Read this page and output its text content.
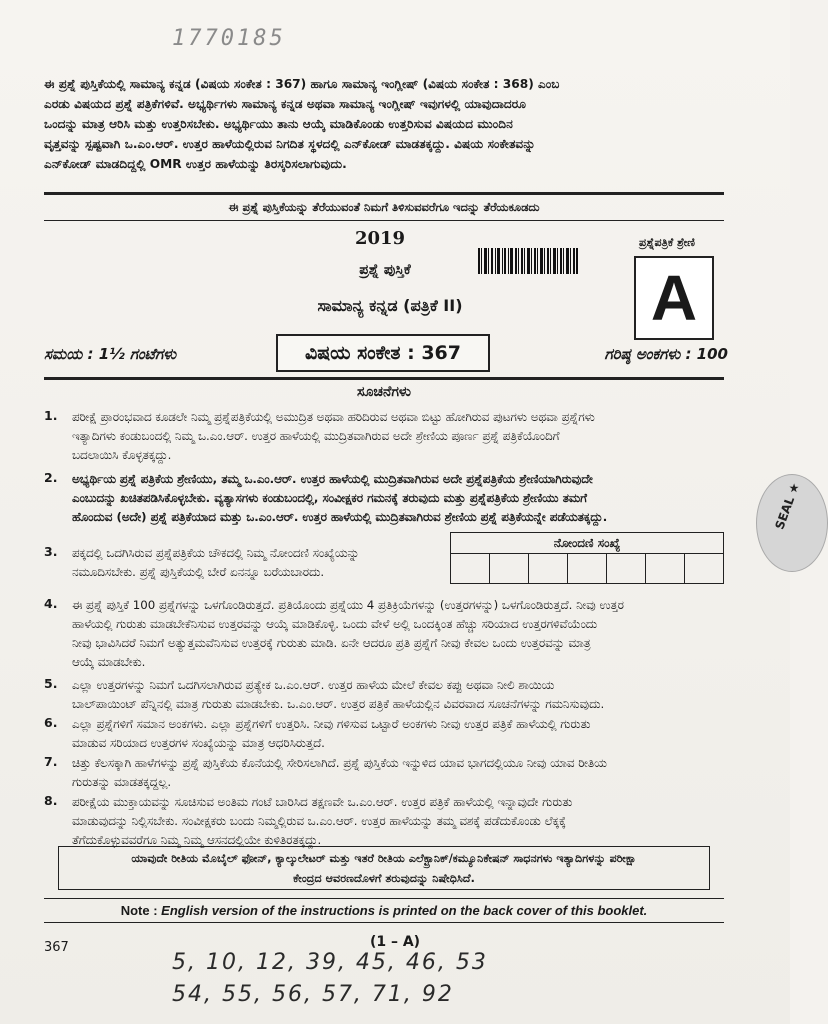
1770185
ಈ ಪ್ರಶ್ನೆ ಪುಸ್ತಿಕೆಯಲ್ಲಿ ಸಾಮಾನ್ಯ ಕನ್ನಡ (ವಿಷಯ ಸಂಕೇತ : 367) ಹಾಗೂ ಸಾಮಾನ್ಯ ಇಂಗ್ಲೀಷ್ (ವಿಷಯ ಸಂಕೇತ : 368) ಎಂಬ
ಎರಡು ವಿಷಯದ ಪ್ರಶ್ನೆ ಪತ್ರಿಕೆಗಳಿವೆ. ಅಭ್ಯರ್ಥಿಗಳು ಸಾಮಾನ್ಯ ಕನ್ನಡ ಅಥವಾ ಸಾಮಾನ್ಯ ಇಂಗ್ಲೀಷ್ ಇವುಗಳಲ್ಲಿ ಯಾವುದಾದರೂ
ಒಂದನ್ನು ಮಾತ್ರ ಆರಿಸಿ ಮತ್ತು ಉತ್ತರಿಸಬೇಕು. ಅಭ್ಯರ್ಥಿಯು ತಾನು ಆಯ್ಕೆ ಮಾಡಿಕೊಂಡು ಉತ್ತರಿಸುವ ವಿಷಯದ ಮುಂದಿನ
ವೃತ್ತವನ್ನು ಸ್ಪಷ್ಟವಾಗಿ ಒ.ಎಂ.ಆರ್. ಉತ್ತರ ಹಾಳೆಯಲ್ಲಿರುವ ನಿಗದಿತ ಸ್ಥಳದಲ್ಲಿ ಎನ್‌ಕೋಡ್ ಮಾಡತಕ್ಕದ್ದು. ವಿಷಯ ಸಂಕೇತವನ್ನು
ಎನ್‌ಕೋಡ್ ಮಾಡದಿದ್ದಲ್ಲಿ OMR ಉತ್ತರ ಹಾಳೆಯನ್ನು ತಿರಸ್ಕರಿಸಲಾಗುವುದು.
ಈ ಪ್ರಶ್ನೆ ಪುಸ್ತಿಕೆಯನ್ನು ತೆರೆಯುವಂತೆ ನಿಮಗೆ ತಿಳಿಸುವವರೆಗೂ ಇದನ್ನು ತೆರೆಯಕೂಡದು
2019
ಪ್ರಶ್ನೆ ಪುಸ್ತಿಕೆ
ಪ್ರಶ್ನೆಪತ್ರಿಕೆ ಶ್ರೇಣಿ
A
ಸಾಮಾನ್ಯ ಕನ್ನಡ (ಪತ್ರಿಕೆ II)
ಸಮಯ : 1½ ಗಂಟೆಗಳು	ವಿಷಯ ಸಂಕೇತ : 367	ಗರಿಷ್ಠ ಅಂಕಗಳು : 100
ಸೂಚನೆಗಳು
1. ಪರೀಕ್ಷೆ ಪ್ರಾರಂಭವಾದ ಕೂಡಲೇ ನಿಮ್ಮ ಪ್ರಶ್ನೆಪತ್ರಿಕೆಯಲ್ಲಿ ಅಮುದ್ರಿತ ಅಥವಾ ಹರಿದಿರುವ ಅಥವಾ ಬಿಟ್ಟು ಹೋಗಿರುವ ಪುಟಗಳು ಅಥವಾ ಪ್ರಶ್ನೆಗಳು
ಇತ್ಯಾದಿಗಳು ಕಂಡುಬಂದಲ್ಲಿ ನಿಮ್ಮ ಒ.ಎಂ.ಆರ್. ಉತ್ತರ ಹಾಳೆಯಲ್ಲಿ ಮುದ್ರಿತವಾಗಿರುವ ಅದೇ ಶ್ರೇಣಿಯ ಪೂರ್ಣ ಪ್ರಶ್ನೆ ಪತ್ರಿಕೆಯೊಂದಿಗೆ
ಬದಲಾಯಿಸಿ ಕೊಳ್ಳತಕ್ಕದ್ದು.
2. ಅಭ್ಯರ್ಥಿಯ ಪ್ರಶ್ನೆ ಪತ್ರಿಕೆಯ ಶ್ರೇಣಿಯು, ತಮ್ಮ ಒ.ಎಂ.ಆರ್. ಉತ್ತರ ಹಾಳೆಯಲ್ಲಿ ಮುದ್ರಿತವಾಗಿರುವ ಅದೇ ಪ್ರಶ್ನೆಪತ್ರಿಕೆಯ ಶ್ರೇಣಿಯಾಗಿರುವುದೇ
ಎಂಬುದನ್ನು ಖಚಿತಪಡಿಸಿಕೊಳ್ಳಬೇಕು. ವ್ಯತ್ಯಾಸಗಳು ಕಂಡುಬಂದಲ್ಲಿ, ಸಂವೀಕ್ಷಕರ ಗಮನಕ್ಕೆ ತರುವುದು ಮತ್ತು ಪ್ರಶ್ನೆಪತ್ರಿಕೆಯ ಶ್ರೇಣಿಯು ತಮಗೆ
ಹೊಂದುವ (ಅದೇ) ಪ್ರಶ್ನೆ ಪತ್ರಿಕೆಯಾದ ಮತ್ತು ಒ.ಎಂ.ಆರ್. ಉತ್ತರ ಹಾಳೆಯಲ್ಲಿ ಮುದ್ರಿತವಾಗಿರುವ ಶ್ರೇಣಿಯ ಪ್ರಶ್ನೆ ಪತ್ರಿಕೆಯನ್ನೇ ಪಡೆಯತಕ್ಕದ್ದು.
3. ಪಕ್ಕದಲ್ಲಿ ಒದಗಿಸಿರುವ ಪ್ರಶ್ನೆಪತ್ರಿಕೆಯ ಚೌಕದಲ್ಲಿ ನಿಮ್ಮ ನೋಂದಣಿ ಸಂಖ್ಯೆಯನ್ನು
ನಮೂದಿಸಬೇಕು. ಪ್ರಶ್ನೆ ಪುಸ್ತಿಕೆಯಲ್ಲಿ ಬೇರೆ ಏನನ್ನೂ ಬರೆಯಬಾರದು.
ನೋಂದಣಿ ಸಂಖ್ಯೆ
4. ಈ ಪ್ರಶ್ನೆ ಪುಸ್ತಿಕೆ 100 ಪ್ರಶ್ನೆಗಳನ್ನು ಒಳಗೊಂಡಿರುತ್ತದೆ. ಪ್ರತಿಯೊಂದು ಪ್ರಶ್ನೆಯು 4 ಪ್ರತಿಕ್ರಿಯೆಗಳನ್ನು (ಉತ್ತರಗಳನ್ನು) ಒಳಗೊಂಡಿರುತ್ತದೆ. ನೀವು ಉತ್ತರ
ಹಾಳೆಯಲ್ಲಿ ಗುರುತು ಮಾಡಬೇಕೆನಿಸುವ ಉತ್ತರವನ್ನು ಆಯ್ಕೆ ಮಾಡಿಕೊಳ್ಳಿ. ಒಂದು ವೇಳೆ ಅಲ್ಲಿ ಒಂದಕ್ಕಿಂತ ಹೆಚ್ಚು ಸರಿಯಾದ ಉತ್ತರಗಳಿವೆಯೆಂದು
ನೀವು ಭಾವಿಸಿದರೆ ನಿಮಗೆ ಅತ್ಯುತ್ತಮವೆನಿಸುವ ಉತ್ತರಕ್ಕೆ ಗುರುತು ಮಾಡಿ. ಏನೇ ಆದರೂ ಪ್ರತಿ ಪ್ರಶ್ನೆಗೆ ನೀವು ಕೇವಲ ಒಂದು ಉತ್ತರವನ್ನು ಮಾತ್ರ
ಆಯ್ಕೆ ಮಾಡಬೇಕು.
5. ಎಲ್ಲಾ ಉತ್ತರಗಳನ್ನು ನಿಮಗೆ ಒದಗಿಸಲಾಗಿರುವ ಪ್ರತ್ಯೇಕ ಒ.ಎಂ.ಆರ್. ಉತ್ತರ ಹಾಳೆಯ ಮೇಲೆ ಕೇವಲ ಕಪ್ಪು ಅಥವಾ ನೀಲಿ ಶಾಯಿಯ
ಬಾಲ್‌ಪಾಯಿಂಟ್ ಪೆನ್ನಿನಲ್ಲಿ ಮಾತ್ರ ಗುರುತು ಮಾಡಬೇಕು. ಒ.ಎಂ.ಆರ್. ಉತ್ತರ ಪತ್ರಿಕೆ ಹಾಳೆಯಲ್ಲಿನ ವಿವರವಾದ ಸೂಚನೆಗಳನ್ನು ಗಮನಿಸುವುದು.
6. ಎಲ್ಲಾ ಪ್ರಶ್ನೆಗಳಿಗೆ ಸಮಾನ ಅಂಕಗಳು. ಎಲ್ಲಾ ಪ್ರಶ್ನೆಗಳಿಗೆ ಉತ್ತರಿಸಿ. ನೀವು ಗಳಿಸುವ ಒಟ್ಟಾರೆ ಅಂಕಗಳು ನೀವು ಉತ್ತರ ಪತ್ರಿಕೆ ಹಾಳೆಯಲ್ಲಿ ಗುರುತು
ಮಾಡುವ ಸರಿಯಾದ ಉತ್ತರಗಳ ಸಂಖ್ಯೆಯನ್ನು ಮಾತ್ರ ಆಧರಿಸಿರುತ್ತದೆ.
7. ಚಿತ್ತು ಕೆಲಸಕ್ಕಾಗಿ ಹಾಳೆಗಳನ್ನು ಪ್ರಶ್ನೆ ಪುಸ್ತಿಕೆಯ ಕೊನೆಯಲ್ಲಿ ಸೇರಿಸಲಾಗಿದೆ. ಪ್ರಶ್ನೆ ಪುಸ್ತಿಕೆಯ ಇನ್ನುಳಿದ ಯಾವ ಭಾಗದಲ್ಲಿಯೂ ನೀವು ಯಾವ ರೀತಿಯ
ಗುರುತನ್ನು ಮಾಡತಕ್ಕದ್ದಲ್ಲ.
8. ಪರೀಕ್ಷೆಯ ಮುಕ್ತಾಯವನ್ನು ಸೂಚಿಸುವ ಅಂತಿಮ ಗಂಟೆ ಬಾರಿಸಿದ ತಕ್ಷಣವೇ ಒ.ಎಂ.ಆರ್. ಉತ್ತರ ಪತ್ರಿಕೆ ಹಾಳೆಯಲ್ಲಿ ಇನ್ನಾವುದೇ ಗುರುತು
ಮಾಡುವುದನ್ನು ನಿಲ್ಲಿಸಬೇಕು. ಸಂವೀಕ್ಷಕರು ಬಂದು ನಿಮ್ಮಲ್ಲಿರುವ ಒ.ಎಂ.ಆರ್. ಉತ್ತರ ಹಾಳೆಯನ್ನು ತಮ್ಮ ವಶಕ್ಕೆ ಪಡೆದುಕೊಂಡು ಲೆಕ್ಕಕ್ಕೆ
ತೆಗೆದುಕೊಳ್ಳುವವರೆಗೂ ನಿಮ್ಮ ನಿಮ್ಮ ಆಸನದಲ್ಲಿಯೇ ಕುಳಿತಿರತಕ್ಕದ್ದು.
ಯಾವುದೇ ರೀತಿಯ ಮೊಬೈಲ್ ಫೋನ್, ಕ್ಯಾಲ್ಕುಲೇಟರ್ ಮತ್ತು ಇತರೆ ರೀತಿಯ ಎಲೆಕ್ಟ್ರಾನಿಕ್/ಕಮ್ಯೂನಿಕೇಷನ್ ಸಾಧನಗಳು ಇತ್ಯಾದಿಗಳನ್ನು ಪರೀಕ್ಷಾ
ಕೇಂದ್ರದ ಆವರಣದೊಳಗೆ ತರುವುದನ್ನು ನಿಷೇಧಿಸಿದೆ.
Note : English version of the instructions is printed on the back cover of this booklet.
367	(1 – A)
5, 10, 12, 39, 45, 46, 53
54, 55, 56, 57, 71, 92
SEAL ★
